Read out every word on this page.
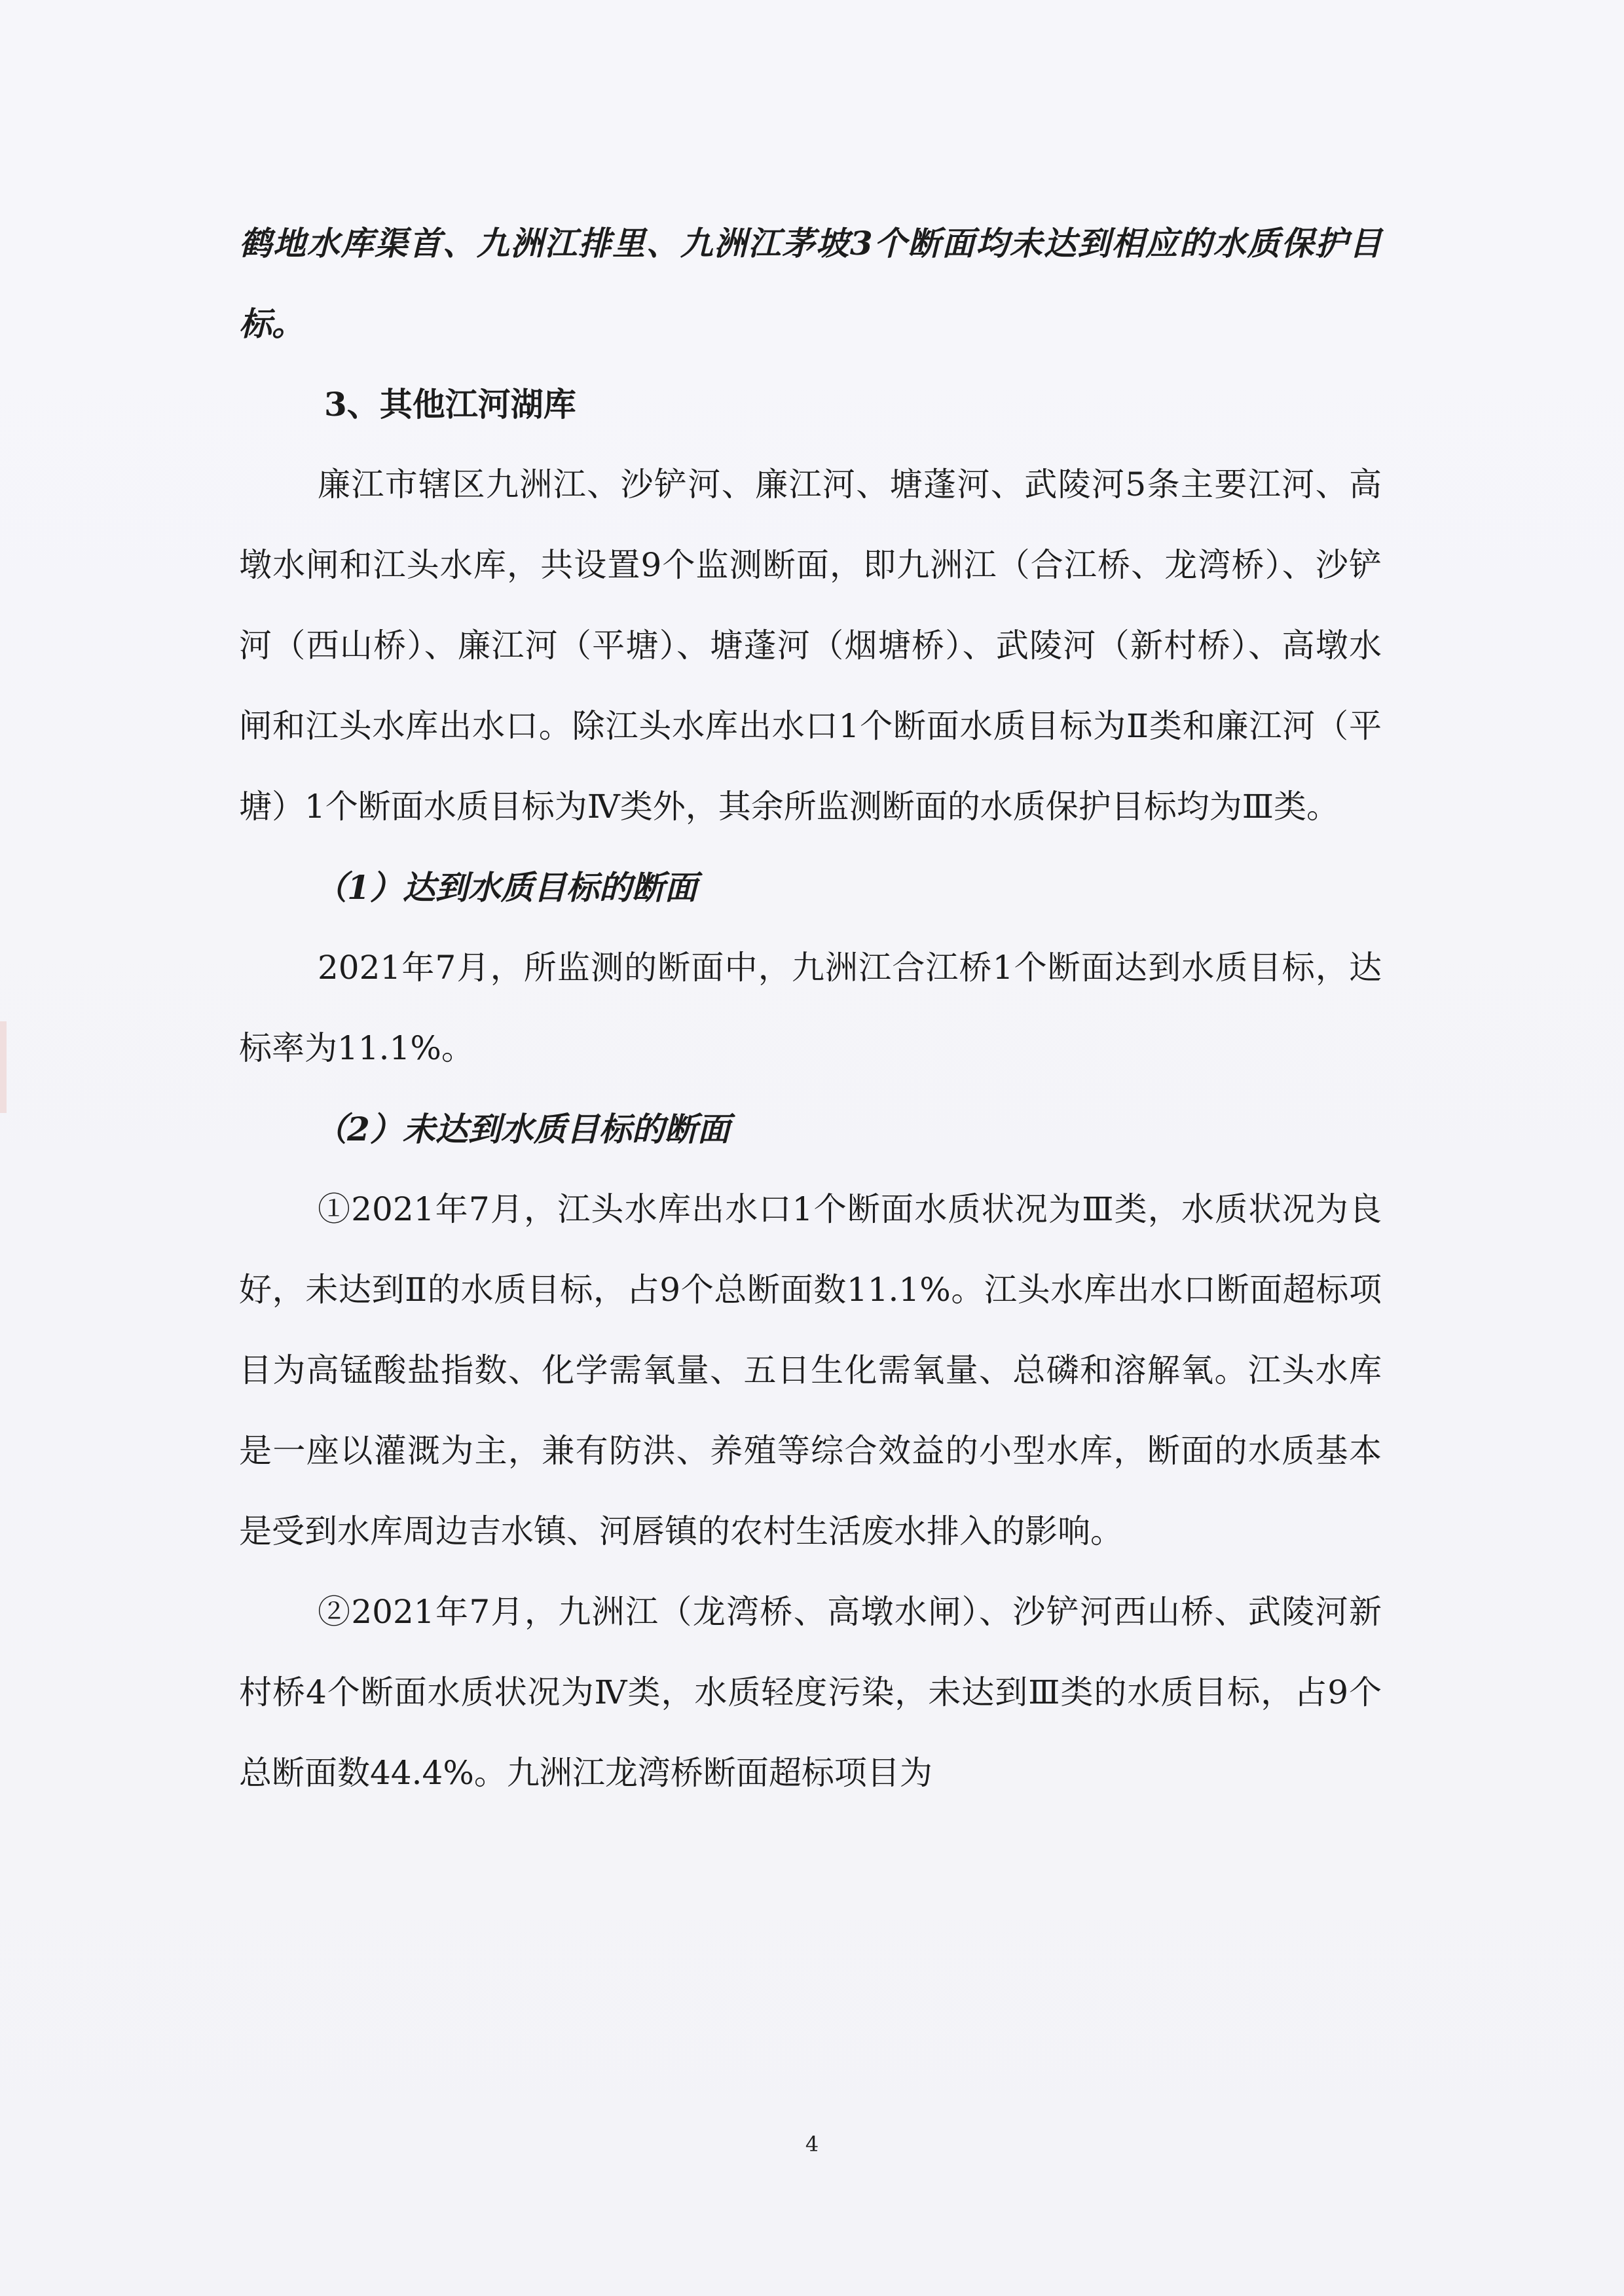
鹤地水库渠首、九洲江排里、九洲江茅坡3个断面均未达到相应的水质保护目标。

3、其他江河湖库

廉江市辖区九洲江、沙铲河、廉江河、塘蓬河、武陵河5条主要江河、高墩水闸和江头水库，共设置9个监测断面，即九洲江（合江桥、龙湾桥）、沙铲河（西山桥）、廉江河（平塘）、塘蓬河（烟塘桥）、武陵河（新村桥）、高墩水闸和江头水库出水口。除江头水库出水口1个断面水质目标为Ⅱ类和廉江河（平塘）1个断面水质目标为Ⅳ类外，其余所监测断面的水质保护目标均为Ⅲ类。

（1）达到水质目标的断面

2021年7月，所监测的断面中，九洲江合江桥1个断面达到水质目标，达标率为11.1%。

（2）未达到水质目标的断面

①2021年7月，江头水库出水口1个断面水质状况为Ⅲ类，水质状况为良好，未达到Ⅱ的水质目标，占9个总断面数11.1%。江头水库出水口断面超标项目为高锰酸盐指数、化学需氧量、五日生化需氧量、总磷和溶解氧。江头水库是一座以灌溉为主，兼有防洪、养殖等综合效益的小型水库，断面的水质基本是受到水库周边吉水镇、河唇镇的农村生活废水排入的影响。

②2021年7月，九洲江（龙湾桥、高墩水闸）、沙铲河西山桥、武陵河新村桥4个断面水质状况为Ⅳ类，水质轻度污染，未达到Ⅲ类的水质目标，占9个总断面数44.4%。九洲江龙湾桥断面超标项目为

4
